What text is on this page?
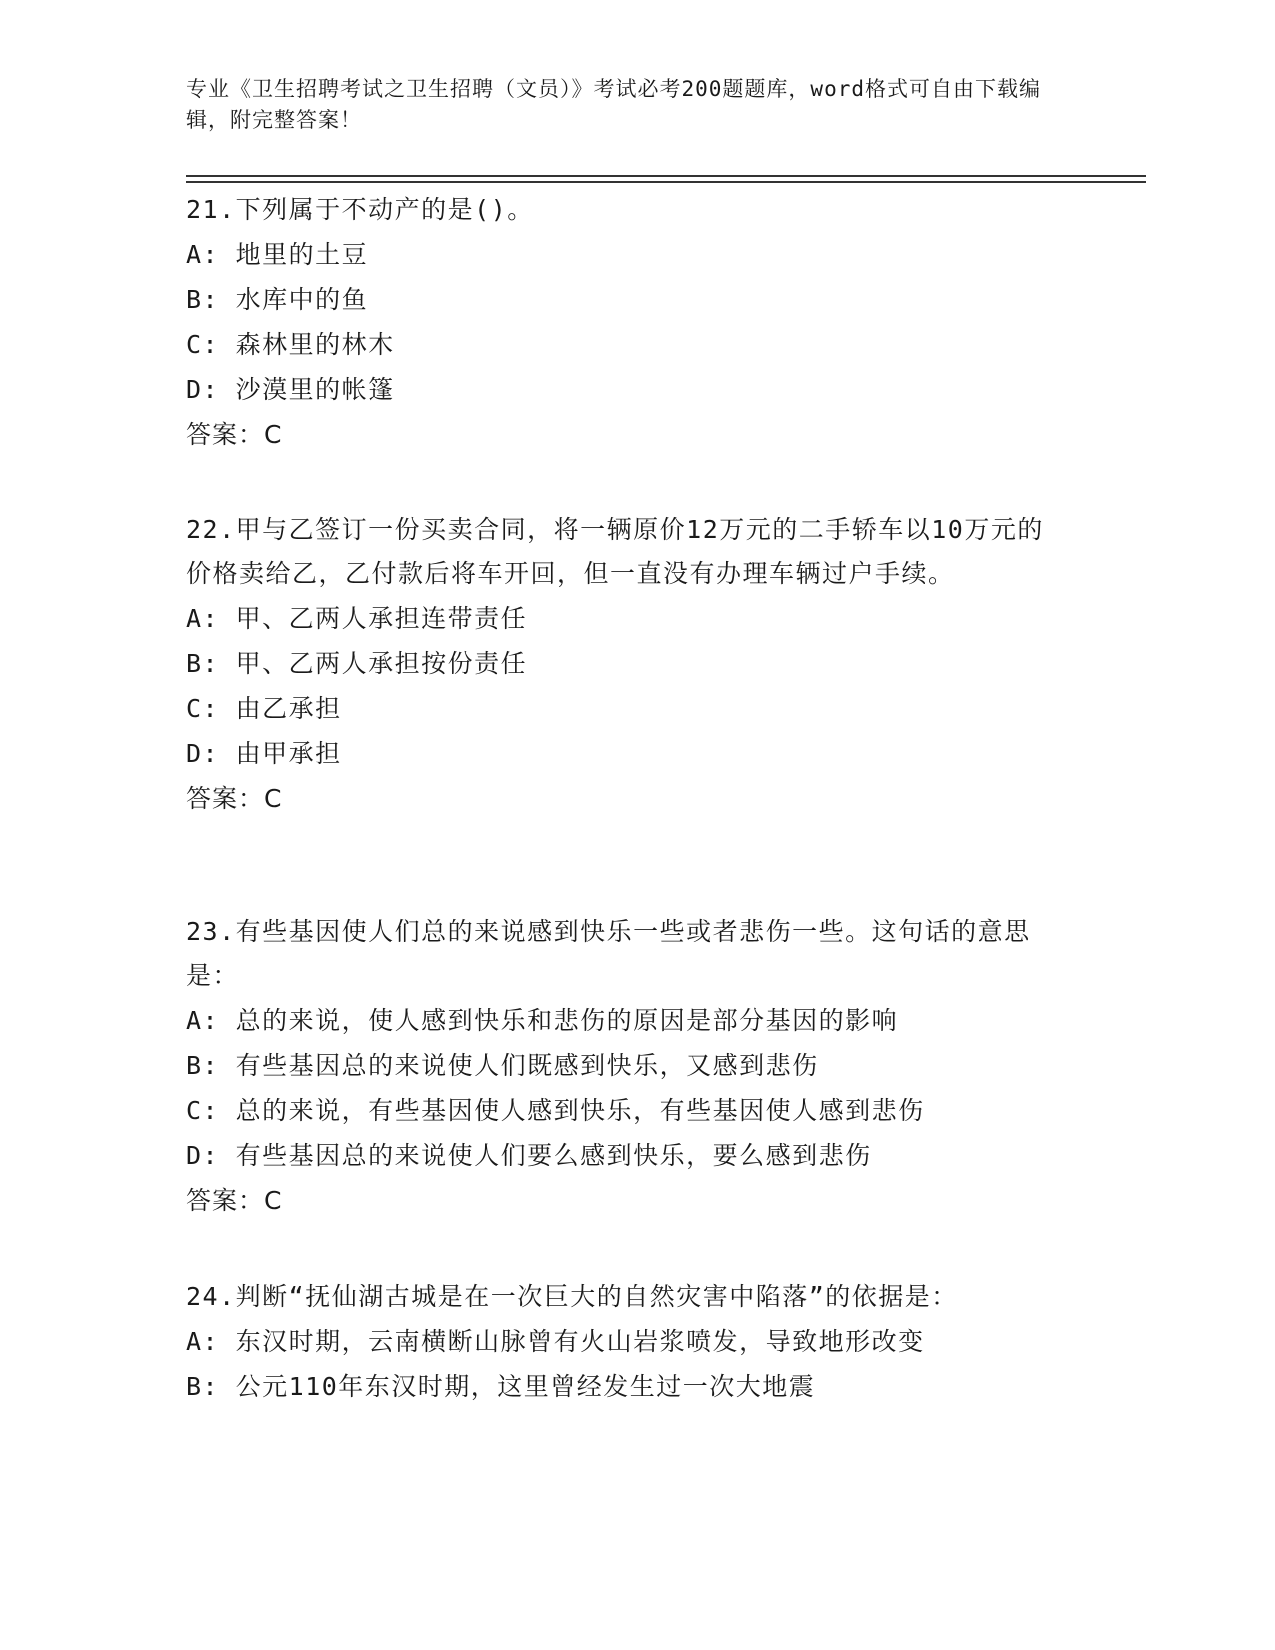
专业《卫生招聘考试之卫生招聘（文员）》考试必考200题题库，word格式可自由下载编辑，附完整答案！
21.下列属于不动产的是()。
A: 地里的土豆
B: 水库中的鱼
C: 森林里的林木
D: 沙漠里的帐篷
答案：C
22.甲与乙签订一份买卖合同，将一辆原价12万元的二手轿车以10万元的价格卖给乙，乙付款后将车开回，但一直没有办理车辆过户手续。
A: 甲、乙两人承担连带责任
B: 甲、乙两人承担按份责任
C: 由乙承担
D: 由甲承担
答案：C
23.有些基因使人们总的来说感到快乐一些或者悲伤一些。这句话的意思是：
A: 总的来说，使人感到快乐和悲伤的原因是部分基因的影响
B: 有些基因总的来说使人们既感到快乐，又感到悲伤
C: 总的来说，有些基因使人感到快乐，有些基因使人感到悲伤
D: 有些基因总的来说使人们要么感到快乐，要么感到悲伤
答案：C
24.判断“抚仙湖古城是在一次巨大的自然灾害中陷落”的依据是：
A: 东汉时期，云南横断山脉曾有火山岩浆喷发，导致地形改变
B: 公元110年东汉时期，这里曾经发生过一次大地震
